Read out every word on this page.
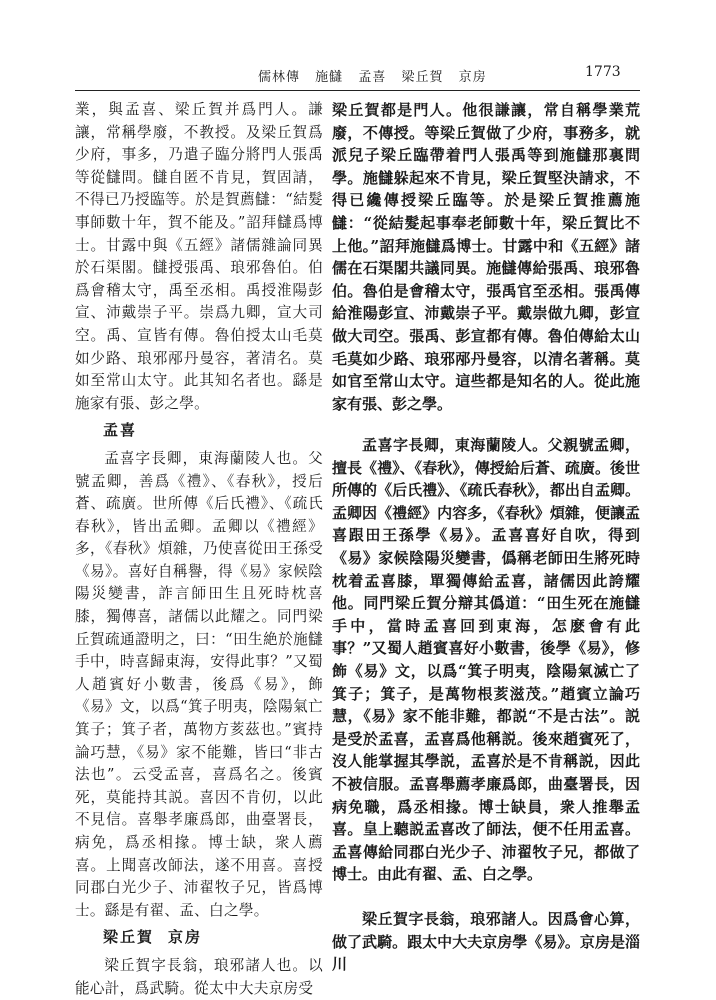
儒林傳 施讎 孟喜 梁丘賀 京房	1773

業，與孟喜、梁丘賀并爲門人。謙讓，常稱學廢，不教授。及梁丘賀爲少府，事多，乃遣子臨分將門人張禹等從讎問。讎自匿不肯見，賀固請，不得已乃授臨等。於是賀薦讎：“結髮事師數十年，賀不能及。”詔拜讎爲博士。甘露中與《五經》諸儒雜論同異於石渠閣。讎授張禹、琅邪魯伯。伯爲會稽太守，禹至丞相。禹授淮陽彭宣、沛戴崇子平。崇爲九卿，宣大司空。禹、宣皆有傳。魯伯授太山毛莫如少路、琅邪邴丹曼容，著清名。莫如至常山太守。此其知名者也。繇是施家有張、彭之學。

孟喜

孟喜字長卿，東海蘭陵人也。父號孟卿，善爲《禮》、《春秋》，授后蒼、疏廣。世所傳《后氏禮》、《疏氏春秋》，皆出孟卿。孟卿以《禮經》多，《春秋》煩雜，乃使喜從田王孫受《易》。喜好自稱譽，得《易》家候陰陽災變書，詐言師田生且死時枕喜膝，獨傳喜，諸儒以此耀之。同門梁丘賀疏通證明之，曰：“田生絶於施讎手中，時喜歸東海，安得此事？”又蜀人趙賓好小數書，後爲《易》，飾《易》文，以爲“箕子明夷，陰陽氣亡箕子；箕子者，萬物方荄茲也。”賓持論巧慧，《易》家不能難，皆曰“非古法也”。云受孟喜，喜爲名之。後賓死，莫能持其説。喜因不肯仞，以此不見信。喜舉孝廉爲郎，曲臺署長，病免，爲丞相掾。博士缺，衆人薦喜。上聞喜改師法，遂不用喜。喜授同郡白光少子、沛翟牧子兄，皆爲博士。繇是有翟、孟、白之學。

梁丘賀 京房

梁丘賀字長翁，琅邪諸人也。以能心計，爲武騎。從太中大夫京房受

梁丘賀都是門人。他很謙讓，常自稱學業荒廢，不傳授。等梁丘賀做了少府，事務多，就派兒子梁丘臨帶着門人張禹等到施讎那裏問學。施讎躲起來不肯見，梁丘賀堅決請求，不得已纔傳授梁丘臨等。於是梁丘賀推薦施讎：“從結髮起事奉老師數十年，梁丘賀比不上他。”詔拜施讎爲博士。甘露中和《五經》諸儒在石渠閣共議同異。施讎傳給張禹、琅邪魯伯。魯伯是會稽太守，張禹官至丞相。張禹傳給淮陽彭宣、沛戴崇子平。戴崇做九卿，彭宣做大司空。張禹、彭宣都有傳。魯伯傳給太山毛莫如少路、琅邪邴丹曼容，以清名著稱。莫如官至常山太守。這些都是知名的人。從此施家有張、彭之學。

孟喜字長卿，東海蘭陵人。父親號孟卿，擅長《禮》、《春秋》，傳授給后蒼、疏廣。後世所傳的《后氏禮》、《疏氏春秋》，都出自孟卿。孟卿因《禮經》内容多，《春秋》煩雜，便讓孟喜跟田王孫學《易》。孟喜喜好自吹，得到《易》家候陰陽災變書，僞稱老師田生將死時枕着孟喜膝，單獨傳給孟喜，諸儒因此誇耀他。同門梁丘賀分辯其僞道：“田生死在施讎手中，當時孟喜回到東海，怎麽會有此事？”又蜀人趙賓喜好小數書，後學《易》，修飾《易》文，以爲“箕子明夷，陰陽氣滅亡了箕子；箕子，是萬物根荄滋茂。”趙賓立論巧慧，《易》家不能非難，都説“不是古法”。説是受於孟喜，孟喜爲他稱説。後來趙賓死了，沒人能掌握其學説，孟喜於是不肯稱説，因此不被信服。孟喜舉薦孝廉爲郎，曲臺署長，因病免職，爲丞相掾。博士缺員，衆人推舉孟喜。皇上聽説孟喜改了師法，便不任用孟喜。孟喜傳給同郡白光少子、沛翟牧子兄，都做了博士。由此有翟、孟、白之學。

梁丘賀字長翁，琅邪諸人。因爲會心算，做了武騎。跟太中大夫京房學《易》。京房是淄川
